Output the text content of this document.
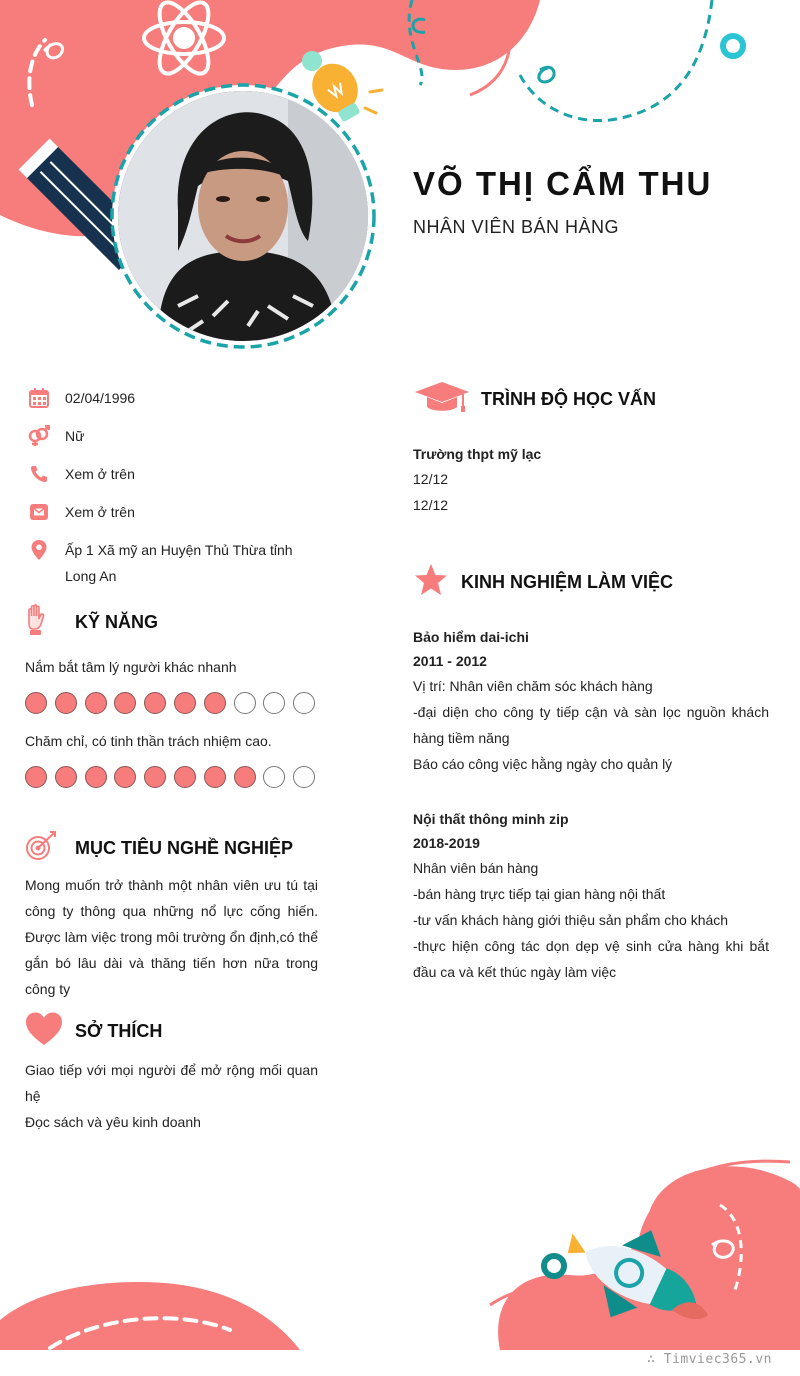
VÕ THỊ CẨM THU
NHÂN VIÊN BÁN HÀNG
02/04/1996
Nữ
Xem ở trên
Xem ở trên
Ấp 1 Xã mỹ an Huyện Thủ Thừa tỉnh Long An
KỸ NĂNG
Nắm bắt tâm lý người khác nhanh
Chăm chỉ, có tinh thần trách nhiệm cao.
MỤC TIÊU NGHỀ NGHIỆP
Mong muốn trở thành một nhân viên ưu tú tại công ty thông qua những nổ lực cống hiến. Được làm việc trong môi trường ổn định,có thể gắn bó lâu dài và thăng tiến hơn nữa trong công ty
SỞ THÍCH
Giao tiếp với mọi người để mở rộng mối quan hệ
Đọc sách và yêu kinh doanh
TRÌNH ĐỘ HỌC VẤN
Trường thpt mỹ lạc
12/12
12/12
KINH NGHIỆM LÀM VIỆC
Bảo hiểm dai-ichi
2011 - 2012
Vị trí: Nhân viên chăm sóc khách hàng
-đại diện cho công ty tiếp cận và sàn lọc nguồn khách hàng tiềm năng
Báo cáo công việc hằng ngày cho quản lý
Nội thất thông minh zip
2018-2019
Nhân viên bán hàng
-bán hàng trực tiếp tại gian hàng nội thất
-tư vấn khách hàng giới thiệu sản phẩm cho khách
-thực hiện công tác dọn dẹp vệ sinh cửa hàng khi bắt đầu ca và kết thúc ngày làm việc
∴ Timviec365.vn
